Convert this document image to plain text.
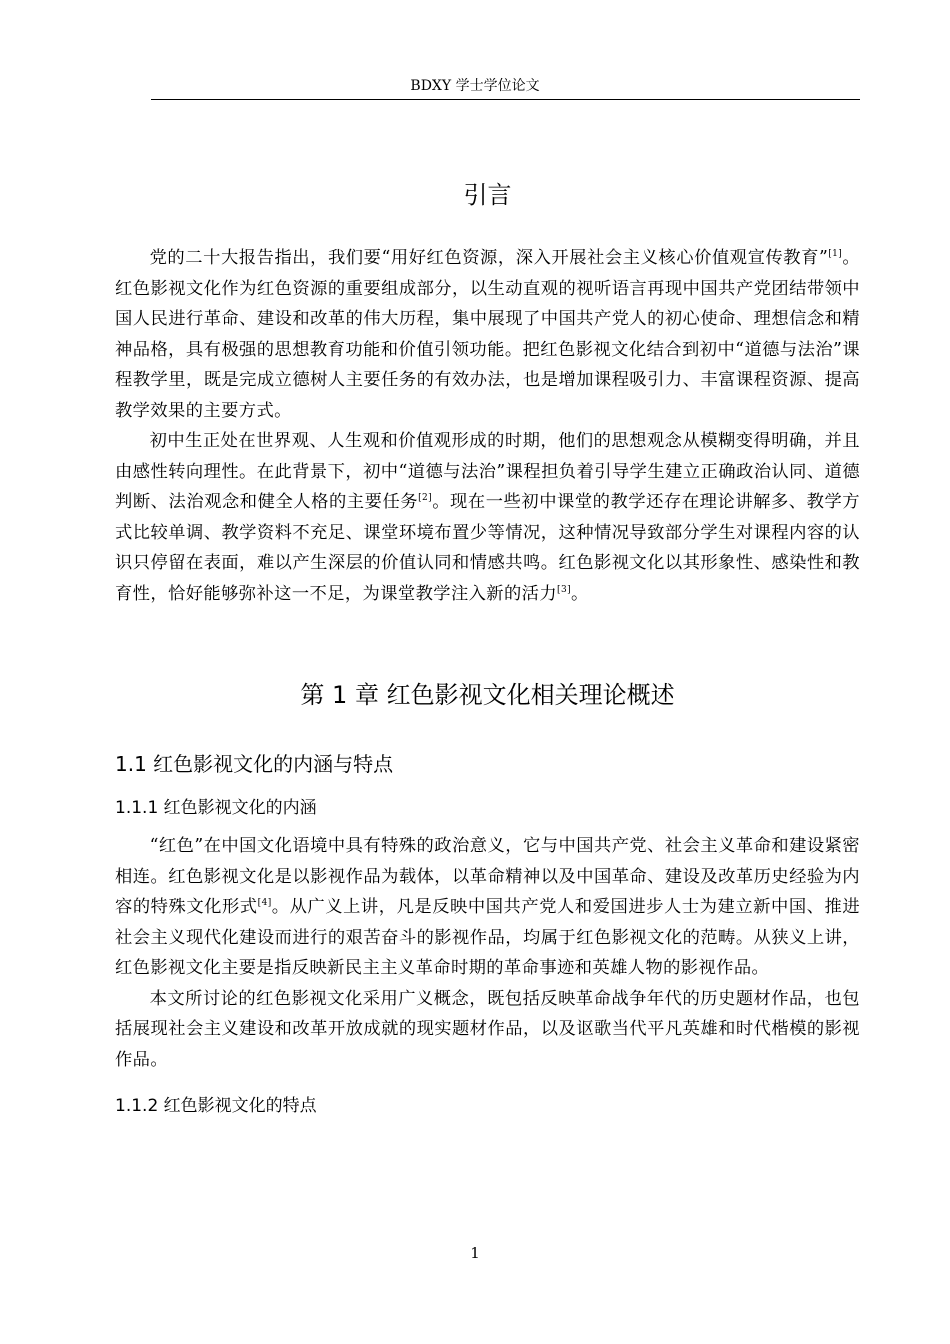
BDXY 学士学位论文
引言

党的二十大报告指出，我们要“用好红色资源，深入开展社会主义核心价值观宣传教育”[1]。红色影视文化作为红色资源的重要组成部分，以生动直观的视听语言再现中国共产党团结带领中国人民进行革命、建设和改革的伟大历程，集中展现了中国共产党人的初心使命、理想信念和精神品格，具有极强的思想教育功能和价值引领功能。把红色影视文化结合到初中“道德与法治”课程教学里，既是完成立德树人主要任务的有效办法，也是增加课程吸引力、丰富课程资源、提高教学效果的主要方式。

初中生正处在世界观、人生观和价值观形成的时期，他们的思想观念从模糊变得明确，并且由感性转向理性。在此背景下，初中“道德与法治”课程担负着引导学生建立正确政治认同、道德判断、法治观念和健全人格的主要任务[2]。现在一些初中课堂的教学还存在理论讲解多、教学方式比较单调、教学资料不充足、课堂环境布置少等情况，这种情况导致部分学生对课程内容的认识只停留在表面，难以产生深层的价值认同和情感共鸣。红色影视文化以其形象性、感染性和教育性，恰好能够弥补这一不足，为课堂教学注入新的活力[3]。

第 1 章 红色影视文化相关理论概述
1.1 红色影视文化的内涵与特点
1.1.1 红色影视文化的内涵

“红色”在中国文化语境中具有特殊的政治意义，它与中国共产党、社会主义革命和建设紧密相连。红色影视文化是以影视作品为载体，以革命精神以及中国革命、建设及改革历史经验为内容的特殊文化形式[4]。从广义上讲，凡是反映中国共产党人和爱国进步人士为建立新中国、推进社会主义现代化建设而进行的艰苦奋斗的影视作品，均属于红色影视文化的范畴。从狭义上讲，红色影视文化主要是指反映新民主主义革命时期的革命事迹和英雄人物的影视作品。

本文所讨论的红色影视文化采用广义概念，既包括反映革命战争年代的历史题材作品，也包括展现社会主义建设和改革开放成就的现实题材作品，以及讴歌当代平凡英雄和时代楷模的影视作品。

1.1.2 红色影视文化的特点
1
